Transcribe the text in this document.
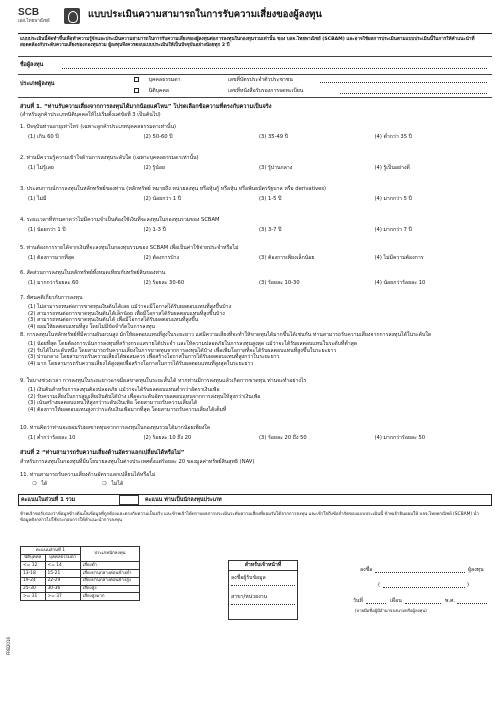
SCB
เอส.ไทยพาณิชย์
แบบประเมินความสามารถในการรับความเสี่ยงของผู้ลงทุน
แบบประเมินนี้จัดทำขึ้นเพื่อทำความรู้จักและประเมินความสามารถในการรับความเสี่ยงของผู้ลงทุนต่อการลงทุนในกองทุนรวมเท่านั้น ของ บลจ.ไทยพาณิชย์ (SCBAM) และอาจใช้ผลการประเมินตามแบบประเมินนี้ในการให้คำแนะนำที่สอดคล้องกับระดับความเสี่ยงของกองทุนรวม ผู้ลงทุนจึงควรตอบแบบประเมินให้เป็นปัจจุบันอย่างน้อยทุก 2 ปี
ชื่อผู้ลงทุน
ประเภทผู้ลงทุน
บุคคลธรรมดา	เลขที่บัตรประจำตัวประชาชน
นิติบุคคล	เลขที่หนังสือรับรองการจดทะเบียน
ส่วนที่ 1. “ท่านรับความเสี่ยงจากการลงทุนได้มากน้อยแค่ไหน” โปรดเลือกข้อความที่ตรงกับความเป็นจริง
(สำหรับลูกค้าประเภทนิติบุคคลให้ไปเริ่มตั้งแต่ข้อที่ 3 เป็นต้นไป)
1. ปัจจุบันท่านอายุเท่าไหร่ (เฉพาะลูกค้าประเภทบุคคลธรรมดาเท่านั้น)
(1) เกิน 60 ปี	(2) 50-60 ปี	(3) 35-49 ปี	(4) ต่ำกว่า 35 ปี
2. ท่านมีความรู้ความเข้าใจด้านการลงทุนระดับใด (เฉพาะบุคคลธรรมดาเท่านั้น)
(1) ไม่รู้เลย	(2) รู้น้อย	(3) รู้ปานกลาง	(4) รู้เป็นอย่างดี
3. ประสบการณ์การลงทุนในหลักทรัพย์ของท่าน (หลักทรัพย์ หมายถึง หน่วยลงทุน หรือหุ้นกู้ หรือหุ้น หรือพันธบัตรรัฐบาล หรือ derivatives)
(1) ไม่มี	(2) น้อยกว่า 1 ปี	(3) 1-5 ปี	(4) มากกว่า 5 ปี
4. ระยะเวลาที่ท่านคาดว่าไม่มีความจำเป็นต้องใช้เงินที่จะลงทุนในกองทุนรวมของ SCBAM
(1) น้อยกว่า 1 ปี	(2) 1-3 ปี	(3) 3-7 ปี	(4) มากกว่า 7 ปี
5. ท่านต้องการรายได้จากเงินที่จะลงทุนในกองทุนรวมของ SCBAM เพื่อเป็นค่าใช้จ่ายประจำหรือไม่
(1) ต้องการมากที่สุด	(2) ต้องการบ้าง	(3) ต้องการเพียงเล็กน้อย	(4) ไม่มีความต้องการ
6. สัดส่วนการลงทุนในหลักทรัพย์ทั้งหมดเทียบกับทรัพย์สินของท่าน
(1) มากกว่าร้อยละ 60	(2) ร้อยละ 30-60	(3) ร้อยละ 10-30	(4) น้อยกว่าร้อยละ 10
7. ทัศนคติเกี่ยวกับการลงทุน
(1) ไม่สามารถทนต่อการขาดทุนเงินต้นได้เลย แม้ว่าจะมีโอกาสได้รับผลตอบแทนที่สูงขึ้นบ้าง
(2) สามารถทนต่อการขาดทุนเงินต้นได้เล็กน้อย เพื่อมีโอกาสได้รับผลตอบแทนที่สูงขึ้นบ้าง
(3) สามารถทนต่อการขาดทุนเงินต้นได้ เพื่อมีโอกาสได้รับผลตอบแทนที่สูงขึ้น
(4) ยอมให้ผลตอบแทนที่สูง โดยไม่มีข้อจำกัดในการลงทุน
8. การลงทุนในหลักทรัพย์ที่มีความผันผวนสูง มักให้ผลตอบแทนที่สูงในระยะยาว แต่มีความเสี่ยงที่จะทำให้ขาดทุนได้มากขึ้นได้เช่นกัน ท่านสามารถรับความเสี่ยงจากการลงทุนได้ในระดับใด
(1) น้อยที่สุด โดยต้องการเน้นการลงทุนที่สร้างกระแสรายได้ประจำ และให้ความปลอดภัยในการลงทุนสูงสุด แม้ว่าจะได้รับผลตอบแทนในระดับที่ต่ำสุด
(2) รับได้ในระดับหนึ่ง โดยสามารถรับความเสี่ยงในการขาดทุนจากการลงทุนได้บ้าง เพื่อเพิ่มโอกาสที่จะได้รับผลตอบแทนที่สูงขึ้นในระยะยาว
(3) ปานกลาง โดยสามารถรับความเสี่ยงได้พอสมควร เพื่อสร้างโอกาสในการได้รับผลตอบแทนที่สูงกว่าในระยะยาว
(4) มาก โดยสามารถรับความเสี่ยงได้สูงสุดเพื่อสร้างโอกาสในการได้รับผลตอบแทนที่สูงสุดในระยะยาว
9. ในบางช่วงเวลา การลงทุนในระยะยาวอาจมีผลขาดทุนในระยะสั้นได้ หากท่านมีการลงทุนแล้วเกิดการขาดทุน ท่านจะทำอย่างไร
(1) เงินต้นสำหรับการลงทุนต้องปลอดภัย แม้ว่าจะได้รับผลตอบแทนต่ำกว่าอัตราเงินเฟ้อ
(2) รับความเสี่ยงในการสูญเสียเงินต้นได้บ้าง เพื่อจะระดับอัตราผลตอบแทนจากการลงทุนให้สูงกว่าเงินเฟ้อ
(3) เน้นสร้างผลตอบแทนให้สูงกว่าระดับเงินเฟ้อ โดยสามารถรับความเสี่ยงได้
(4) ต้องการให้ผลตอบแทนสูงกว่าระดับเงินเฟ้อมากที่สุด โดยสามารถรับความเสี่ยงได้เต็มที่
10. ท่านคิดว่าท่านจะยอมรับผลขาดทุนจากการลงทุนในกองทุนรวมได้มากน้อยเพียงใด
(1) ต่ำกว่าร้อยละ 10	(2) ร้อยละ 10 ถึง 20	(3) ร้อยละ 20 ถึง 50	(4) มากกว่าร้อยละ 50
ส่วนที่ 2 “ท่านสามารถรับความเสี่ยงด้านอัตราแลกเปลี่ยนได้หรือไม่”
สำหรับการลงทุนในกองทุนที่มีนโยบายลงทุนในต่างประเทศตั้งแต่ร้อยละ 20 ของมูลค่าทรัพย์สินสุทธิ (NAV)
11. ท่านสามารถรับความเสี่ยงด้านอัตราแลกเปลี่ยนได้หรือไม่
❍ ได้	❍ ไม่ได้
คะแนนในส่วนที่ 1 รวม	คะแนน ท่านเป็นนักลงทุนประเภท
ข้าพเจ้าขอรับรองว่าข้อมูลข้างต้นเป็นข้อมูลที่ถูกต้องและตรงกับความเป็นจริง และข้าพเจ้าได้ทราบผลการประเมินระดับความเสี่ยงที่ยอมรับได้จากการลงทุน และเข้าใจถึงข้อจำกัดของแบบประเมินนี้ ข้าพเจ้ายินยอมให้ บลจ.ไทยพาณิชย์ (SCBAM) นำข้อมูลดังกล่าวไปใช้ประกอบการให้คำแนะนำการลงทุน
คะแนนส่วนที่ 1		ประเภทนักลงทุน
นิติบุคคล	บุคคลธรรมดา	
<= 12	<= 14	เสี่ยงต่ำ
13-18	15-21	เสี่ยงปานกลางค่อนข้างต่ำ
19-24	22-29	เสี่ยงปานกลางค่อนข้างสูง
25-30	30-36	เสี่ยงสูง
>= 31	>= 37	เสี่ยงสูงมาก
สำหรับเจ้าหน้าที่
ลงชื่อผู้รับข้อมูล
สาขา/หน่วยงาน
ลงชื่อ	ผู้ลงทุน
(	)
วันที่	เดือน	พ.ศ.
(ลายมือชื่อผู้มีอำนาจลงนามหรือผู้ลงทุน)
FRB2016
